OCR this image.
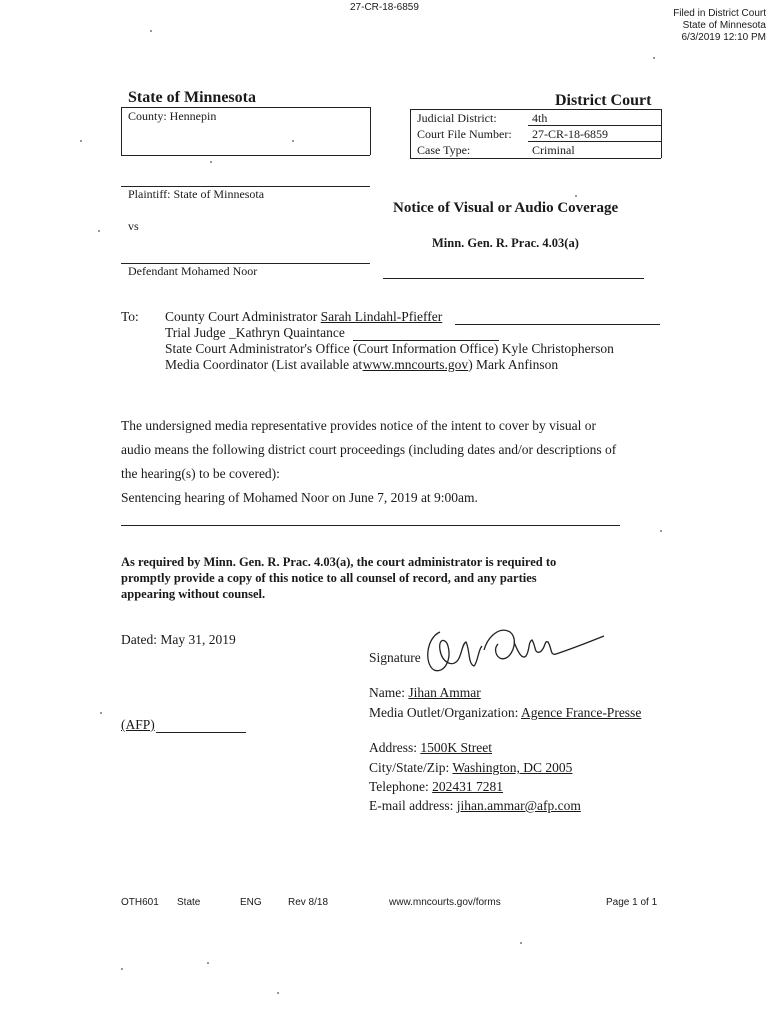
27-CR-18-6859
Filed in District Court
State of Minnesota
6/3/2019 12:10 PM
State of Minnesota	District Court
County: Hennepin	Judicial District:	4th
Court File Number: 27-CR-18-6859
Case Type:	Criminal
Plaintiff: State of Minnesota
vs
Defendant Mohamed Noor
Notice of Visual or Audio Coverage
Minn. Gen. R. Prac. 4.03(a)
To: County Court Administrator Sarah Lindahl-Pfieffer
Trial Judge _Kathryn Quaintance
State Court Administrator's Office (Court Information Office) Kyle Christopherson
Media Coordinator (List available at www.mncourts.gov) Mark Anfinson
The undersigned media representative provides notice of the intent to cover by visual or
audio means the following district court proceedings (including dates and/or descriptions of
the hearing(s) to be covered):
Sentencing hearing of Mohamed Noor on June 7, 2019 at 9:00am.
As required by Minn. Gen. R. Prac. 4.03(a), the court administrator is required to
promptly provide a copy of this notice to all counsel of record, and any parties
appearing without counsel.
Dated: May 31, 2019
Signature
(AFP)
Name: Jihan Ammar
Media Outlet/Organization: Agence France-Presse
Address: 1500K Street
City/State/Zip: Washington, DC 2005
Telephone: 202431 7281
E-mail address: jihan.ammar@afp.com
OTH601 State	ENG	Rev 8/18	www.mncourts.gov/forms	Page 1 of 1
